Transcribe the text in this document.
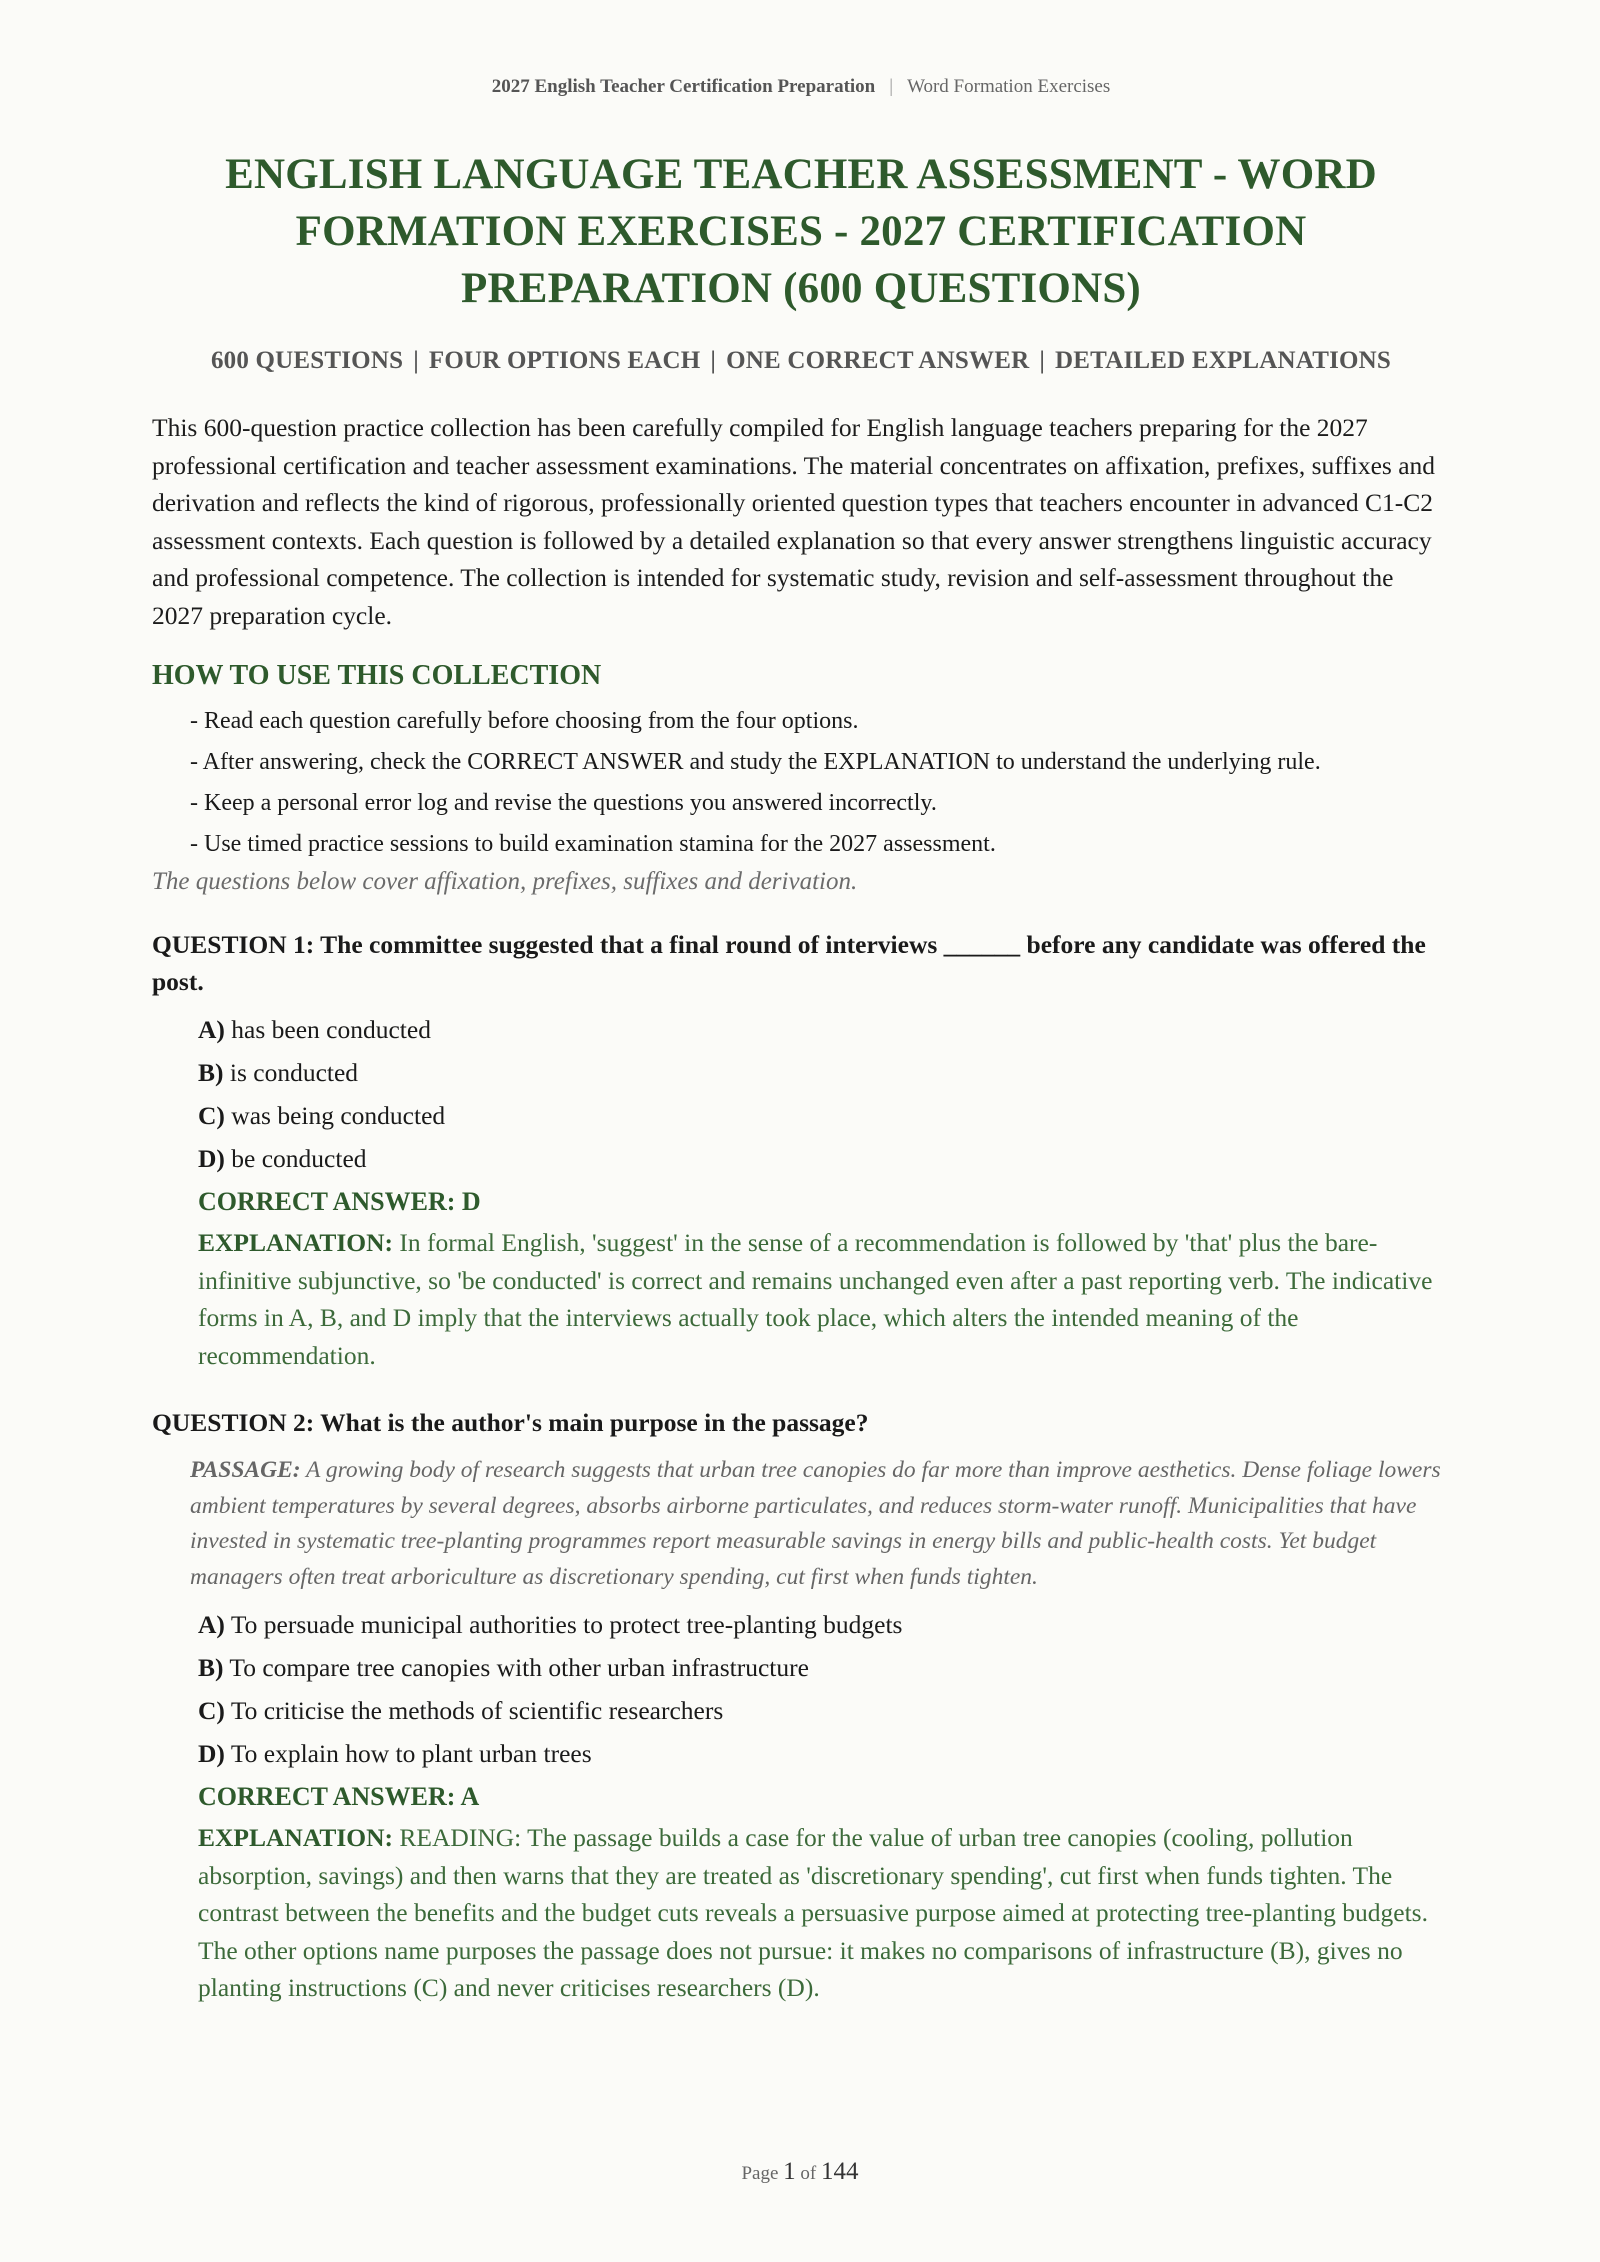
2027 English Teacher Certification Preparation | Word Formation Exercises
ENGLISH LANGUAGE TEACHER ASSESSMENT - WORD FORMATION EXERCISES - 2027 CERTIFICATION PREPARATION (600 QUESTIONS)
600 QUESTIONS | FOUR OPTIONS EACH | ONE CORRECT ANSWER | DETAILED EXPLANATIONS

This 600-question practice collection has been carefully compiled for English language teachers preparing for the 2027 professional certification and teacher assessment examinations. The material concentrates on affixation, prefixes, suffixes and derivation and reflects the kind of rigorous, professionally oriented question types that teachers encounter in advanced C1-C2 assessment contexts. Each question is followed by a detailed explanation so that every answer strengthens linguistic accuracy and professional competence. The collection is intended for systematic study, revision and self-assessment throughout the 2027 preparation cycle.

HOW TO USE THIS COLLECTION
- Read each question carefully before choosing from the four options.
- After answering, check the CORRECT ANSWER and study the EXPLANATION to understand the underlying rule.
- Keep a personal error log and revise the questions you answered incorrectly.
- Use timed practice sessions to build examination stamina for the 2027 assessment.
The questions below cover affixation, prefixes, suffixes and derivation.
QUESTION 1: The committee suggested that a final round of interviews ______ before any candidate was offered the post.
A) has been conducted
B) is conducted
C) was being conducted
D) be conducted
CORRECT ANSWER: D
EXPLANATION: In formal English, 'suggest' in the sense of a recommendation is followed by 'that' plus the bare-infinitive subjunctive, so 'be conducted' is correct and remains unchanged even after a past reporting verb. The indicative forms in A, B, and D imply that the interviews actually took place, which alters the intended meaning of the recommendation.
QUESTION 2: What is the author's main purpose in the passage?
PASSAGE: A growing body of research suggests that urban tree canopies do far more than improve aesthetics. Dense foliage lowers ambient temperatures by several degrees, absorbs airborne particulates, and reduces storm-water runoff. Municipalities that have invested in systematic tree-planting programmes report measurable savings in energy bills and public-health costs. Yet budget managers often treat arboriculture as discretionary spending, cut first when funds tighten.
A) To persuade municipal authorities to protect tree-planting budgets
B) To compare tree canopies with other urban infrastructure
C) To criticise the methods of scientific researchers
D) To explain how to plant urban trees
CORRECT ANSWER: A
EXPLANATION: READING: The passage builds a case for the value of urban tree canopies (cooling, pollution absorption, savings) and then warns that they are treated as 'discretionary spending', cut first when funds tighten. The contrast between the benefits and the budget cuts reveals a persuasive purpose aimed at protecting tree-planting budgets. The other options name purposes the passage does not pursue: it makes no comparisons of infrastructure (B), gives no planting instructions (C) and never criticises researchers (D).
Page 1 of 144
